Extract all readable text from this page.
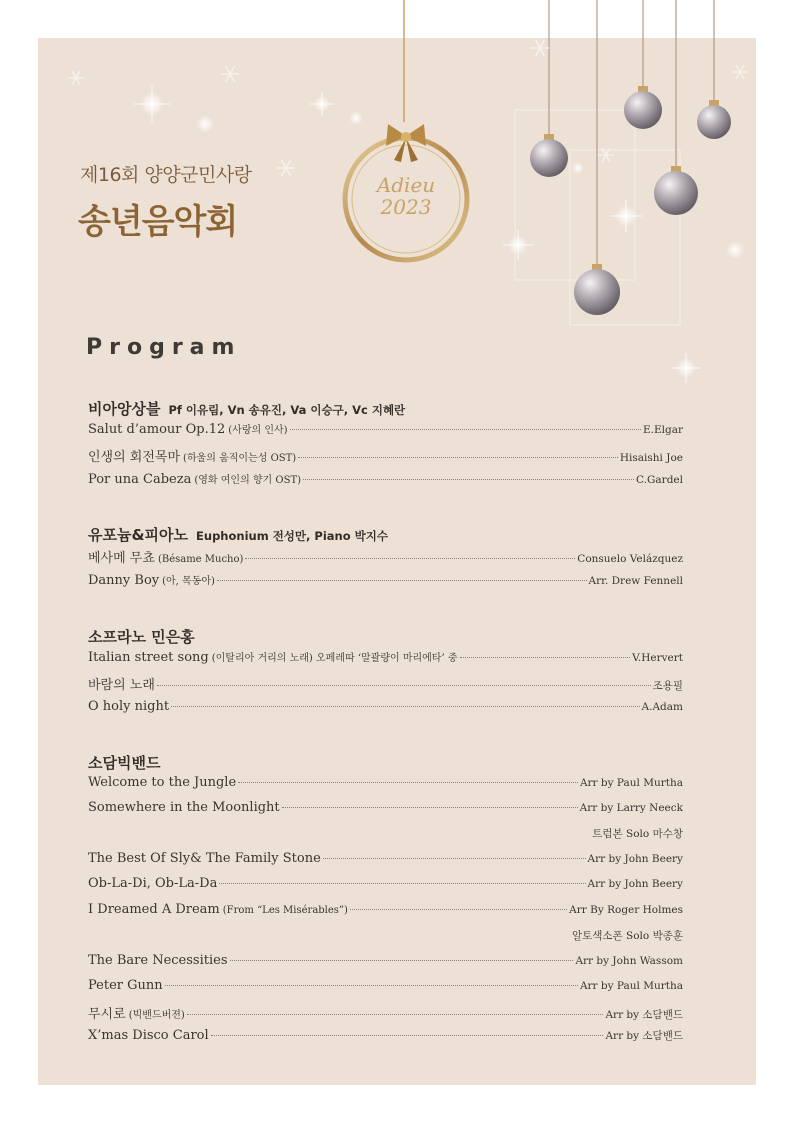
Adieu
2023
제16회 양양군민사랑
송년음악회
Program
비아앙상블 Pf 이유림, Vn 송유진, Va 이승구, Vc 지혜란
Salut d’amour Op.12 (사랑의 인사)	E.Elgar
인생의 회전목마 (하울의 움직이는성 OST)	Hisaishi Joe
Por una Cabeza (영화 여인의 향기 OST)	C.Gardel
유포늄&피아노 Euphonium 전성만, Piano 박지수
베사메 무쵸 (Bésame Mucho)	Consuelo Velázquez
Danny Boy (아, 목동아)	Arr. Drew Fennell
소프라노 민은홍
Italian street song (이탈리아 거리의 노래) 오페레따 ‘말괄량이 마리에타’ 중	V.Hervert
바람의 노래	조용필
O holy night	A.Adam
소담빅밴드
Welcome to the Jungle	Arr by Paul Murtha
Somewhere in the Moonlight	Arr by Larry Neeck
트럼본 Solo 마수창
The Best Of Sly& The Family Stone	Arr by John Beery
Ob-La-Di, Ob-La-Da	Arr by John Beery
I Dreamed A Dream (From “Les Misérables”)	Arr By Roger Holmes
알토색소폰 Solo 박종훈
The Bare Necessities	Arr by John Wassom
Peter Gunn	Arr by Paul Murtha
무시로 (빅밴드버젼)	Arr by 소담밴드
X’mas Disco Carol	Arr by 소담밴드
